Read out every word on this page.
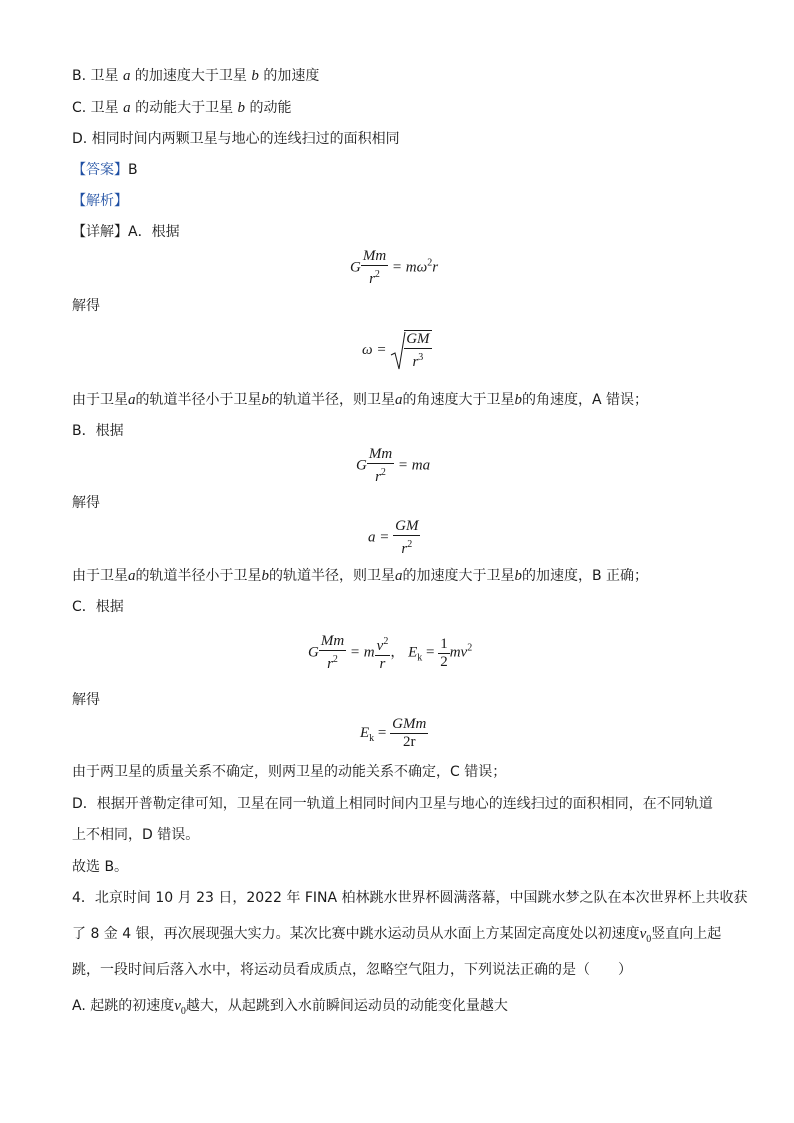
B. 卫星 a 的加速度大于卫星 b 的加速度
C. 卫星 a 的动能大于卫星 b 的动能
D. 相同时间内两颗卫星与地心的连线扫过的面积相同
【答案】B
【解析】
【详解】A．根据
G $\frac{Mm}{r^2} = m\omega^2r$
解得
$\omega = \frac{GM}{r^3}$
由于卫星a的轨道半径小于卫星b的轨道半径，则卫星a的角速度大于卫星b的角速度，A 错误；
B．根据
G $\frac{Mm}{r^2}$ = ma
解得
$a = \frac{GM}{r^2}$
由于卫星a的轨道半径小于卫星b的轨道半径，则卫星a的加速度大于卫星b的加速度，B 正确；
C．根据
G $\frac{Mm}{r^2} = m \frac{v^2}{r}$ ， $E_k = \frac{1}{2} mv^2$
解得
$E_k = \frac{\text{GMm}}{2r}$
由于两卫星的质量关系不确定，则两卫星的动能关系不确定，C 错误；
D．根据开普勒定律可知，卫星在同一轨道上相同时间内卫星与地心的连线扫过的面积相同，在不同轨道
上不相同，D 错误。
故选 B。
4．北京时间 10 月 23 日，2022 年 FINA 柏林跳水世界杯圆满落幕，中国跳水梦之队在本次世界杯上共收获
了 8 金 4 银，再次展现强大实力。某次比赛中跳水运动员从水面上方某固定高度处以初速度$v_0$竖直向上起
跳，一段时间后落入水中，将运动员看成质点，忽略空气阻力，下列说法正确的是（　　）
A. 起跳的初速度$v_0$越大，从起跳到入水前瞬间运动员的动能变化量越大
